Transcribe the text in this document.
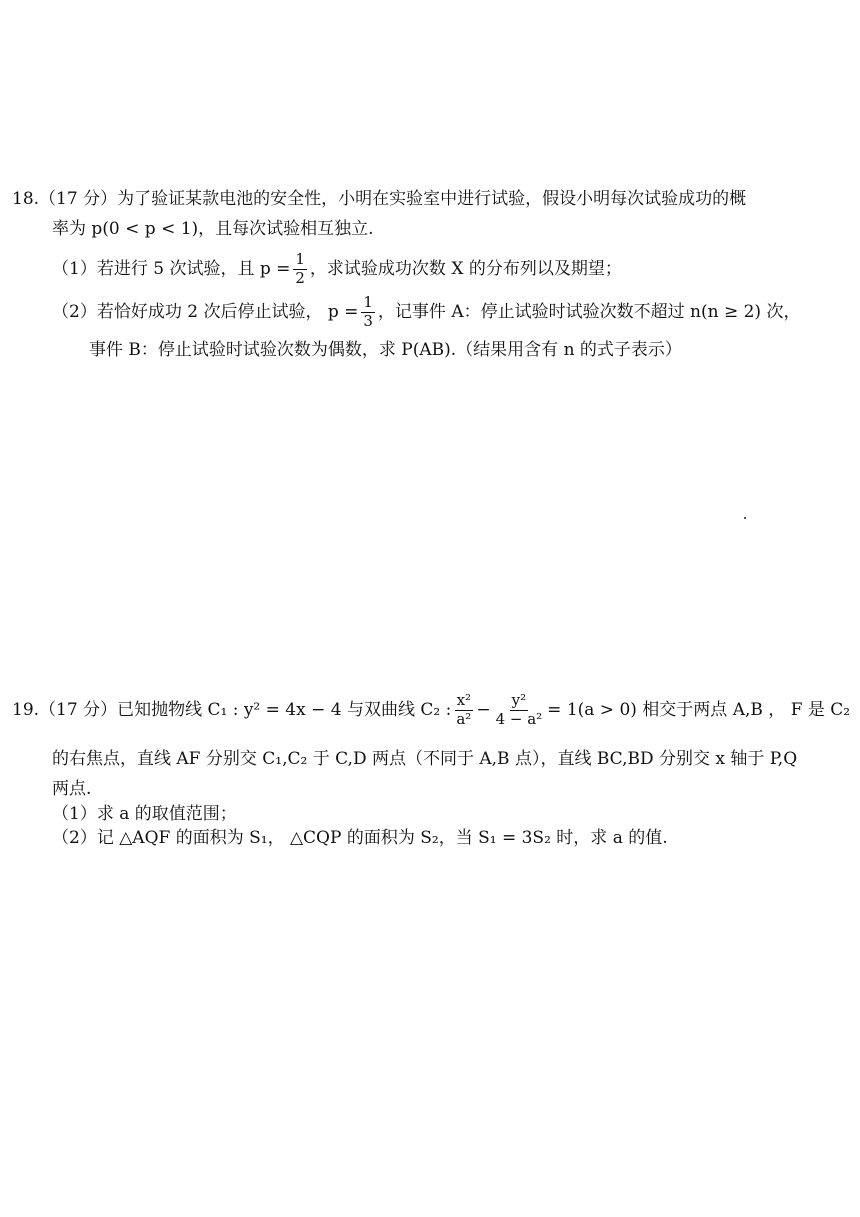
18.（17 分）为了验证某款电池的安全性，小明在实验室中进行试验，假设小明每次试验成功的概
率为 p(0 < p < 1)，且每次试验相互独立.
（1）若进行 5 次试验，且 $p = \frac{1}{2}$ ，求试验成功次数 X 的分布列以及期望；
（2）若恰好成功 2 次后停止试验， $p = \frac{1}{3}$ ，记事件 A：停止试验时试验次数不超过 n(n ≥ 2) 次，
事件 B：停止试验时试验次数为偶数，求 P(AB).（结果用含有 n 的式子表示）
19.（17 分）已知抛物线 C₁ : y² = 4x − 4 与双曲线 C₂ : $\frac{\text{x²}}{\text{a²}} - \frac{\text{y²}}{\text{4 − a²}} = 1(a > 0)$ 相交于两点 A,B ， F 是 C₂
的右焦点，直线 AF 分别交 C₁,C₂ 于 C,D 两点（不同于 A,B 点），直线 BC,BD 分别交 x 轴于 P,Q
两点.
（1）求 a 的取值范围；
（2）记 △AQF 的面积为 S₁， △CQP 的面积为 S₂，当 S₁ = 3S₂ 时，求 a 的值.
